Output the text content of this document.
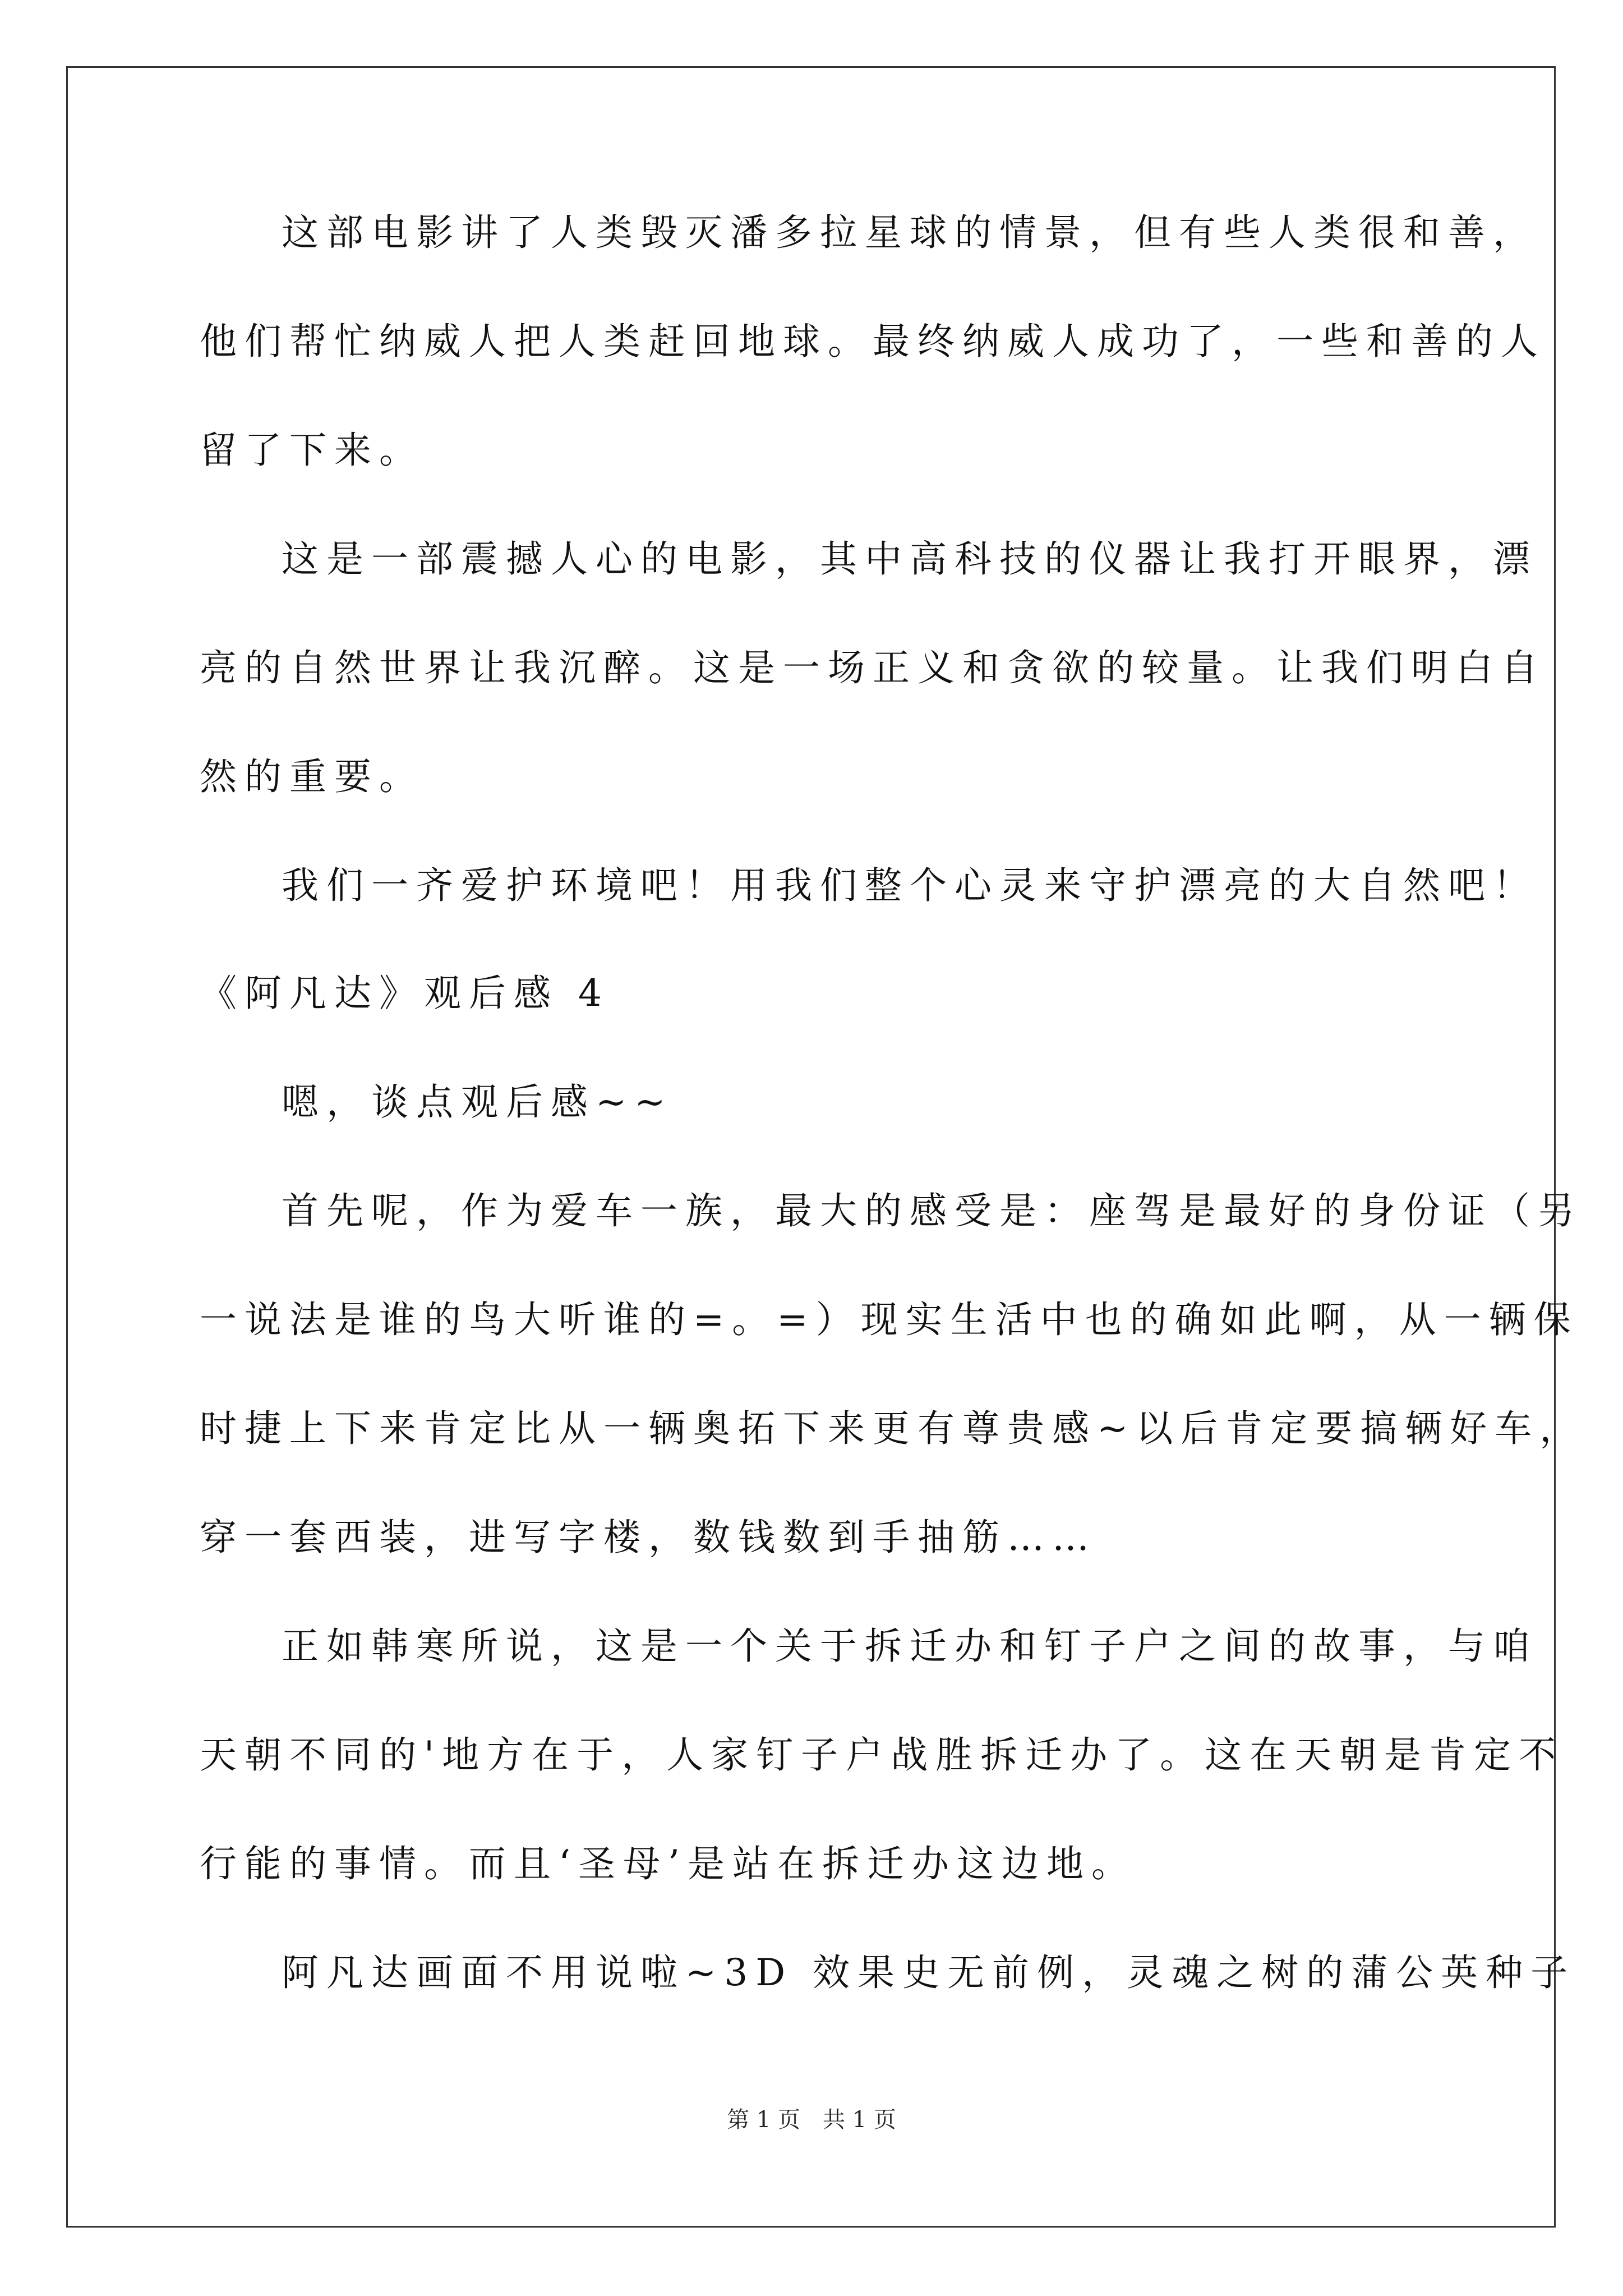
这部电影讲了人类毁灭潘多拉星球的情景，但有些人类很和善，
他们帮忙纳威人把人类赶回地球。最终纳威人成功了，一些和善的人
留了下来。
这是一部震撼人心的电影，其中高科技的仪器让我打开眼界，漂
亮的自然世界让我沉醉。这是一场正义和贪欲的较量。让我们明白自
然的重要。
我们一齐爱护环境吧！用我们整个心灵来守护漂亮的大自然吧！
《阿凡达》观后感 4
嗯，谈点观后感~~
首先呢，作为爱车一族，最大的感受是：座驾是最好的身份证（另
一说法是谁的鸟大听谁的=。=）现实生活中也的确如此啊，从一辆保
时捷上下来肯定比从一辆奥拓下来更有尊贵感~以后肯定要搞辆好车，
穿一套西装，进写字楼，数钱数到手抽筋……
正如韩寒所说，这是一个关于拆迁办和钉子户之间的故事，与咱
天朝不同的'地方在于，人家钉子户战胜拆迁办了。这在天朝是肯定不
行能的事情。而且‘圣母’是站在拆迁办这边地。
阿凡达画面不用说啦~3D 效果史无前例，灵魂之树的蒲公英种子
第 1 页　共 1 页
